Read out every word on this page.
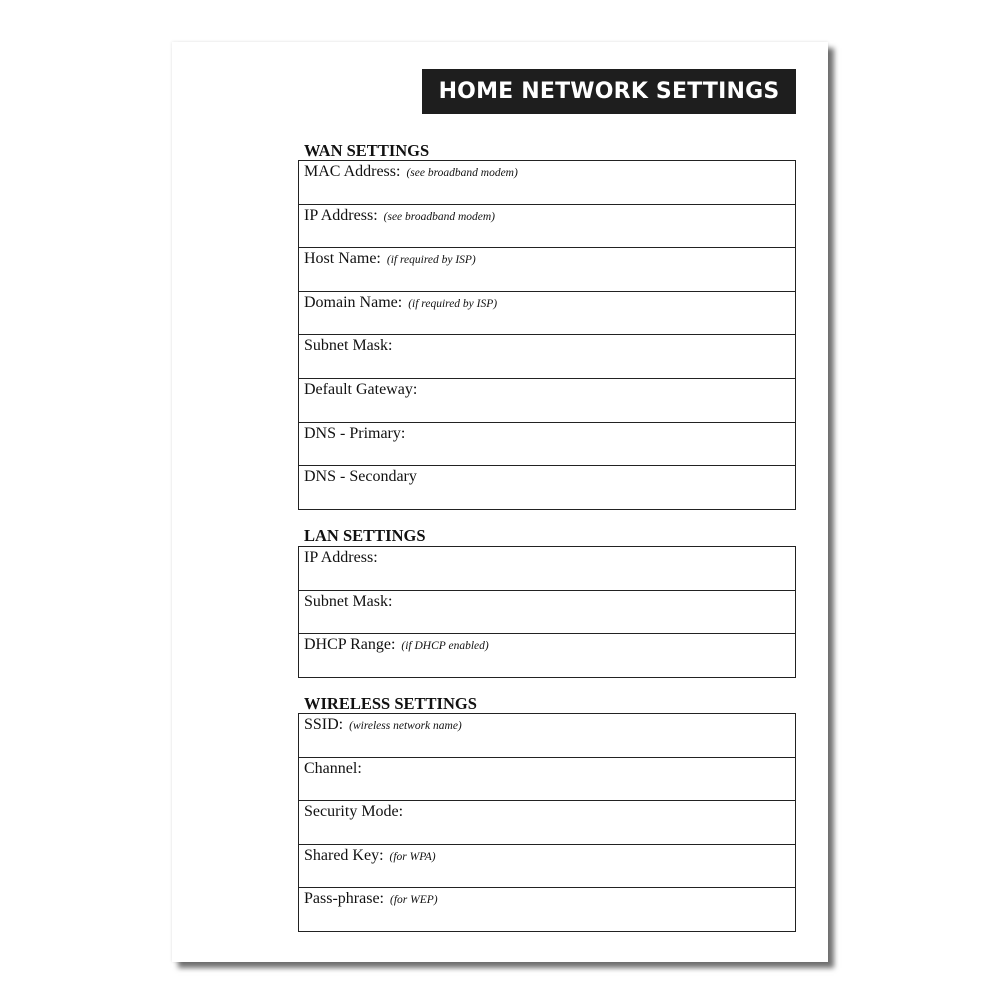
HOME NETWORK SETTINGS
WAN SETTINGS
MAC Address: (see broadband modem)
IP Address: (see broadband modem)
Host Name: (if required by ISP)
Domain Name: (if required by ISP)
Subnet Mask:
Default Gateway:
DNS - Primary:
DNS - Secondary
LAN SETTINGS
IP Address:
Subnet Mask:
DHCP Range: (if DHCP enabled)
WIRELESS SETTINGS
SSID: (wireless network name)
Channel:
Security Mode:
Shared Key: (for WPA)
Pass-phrase: (for WEP)
